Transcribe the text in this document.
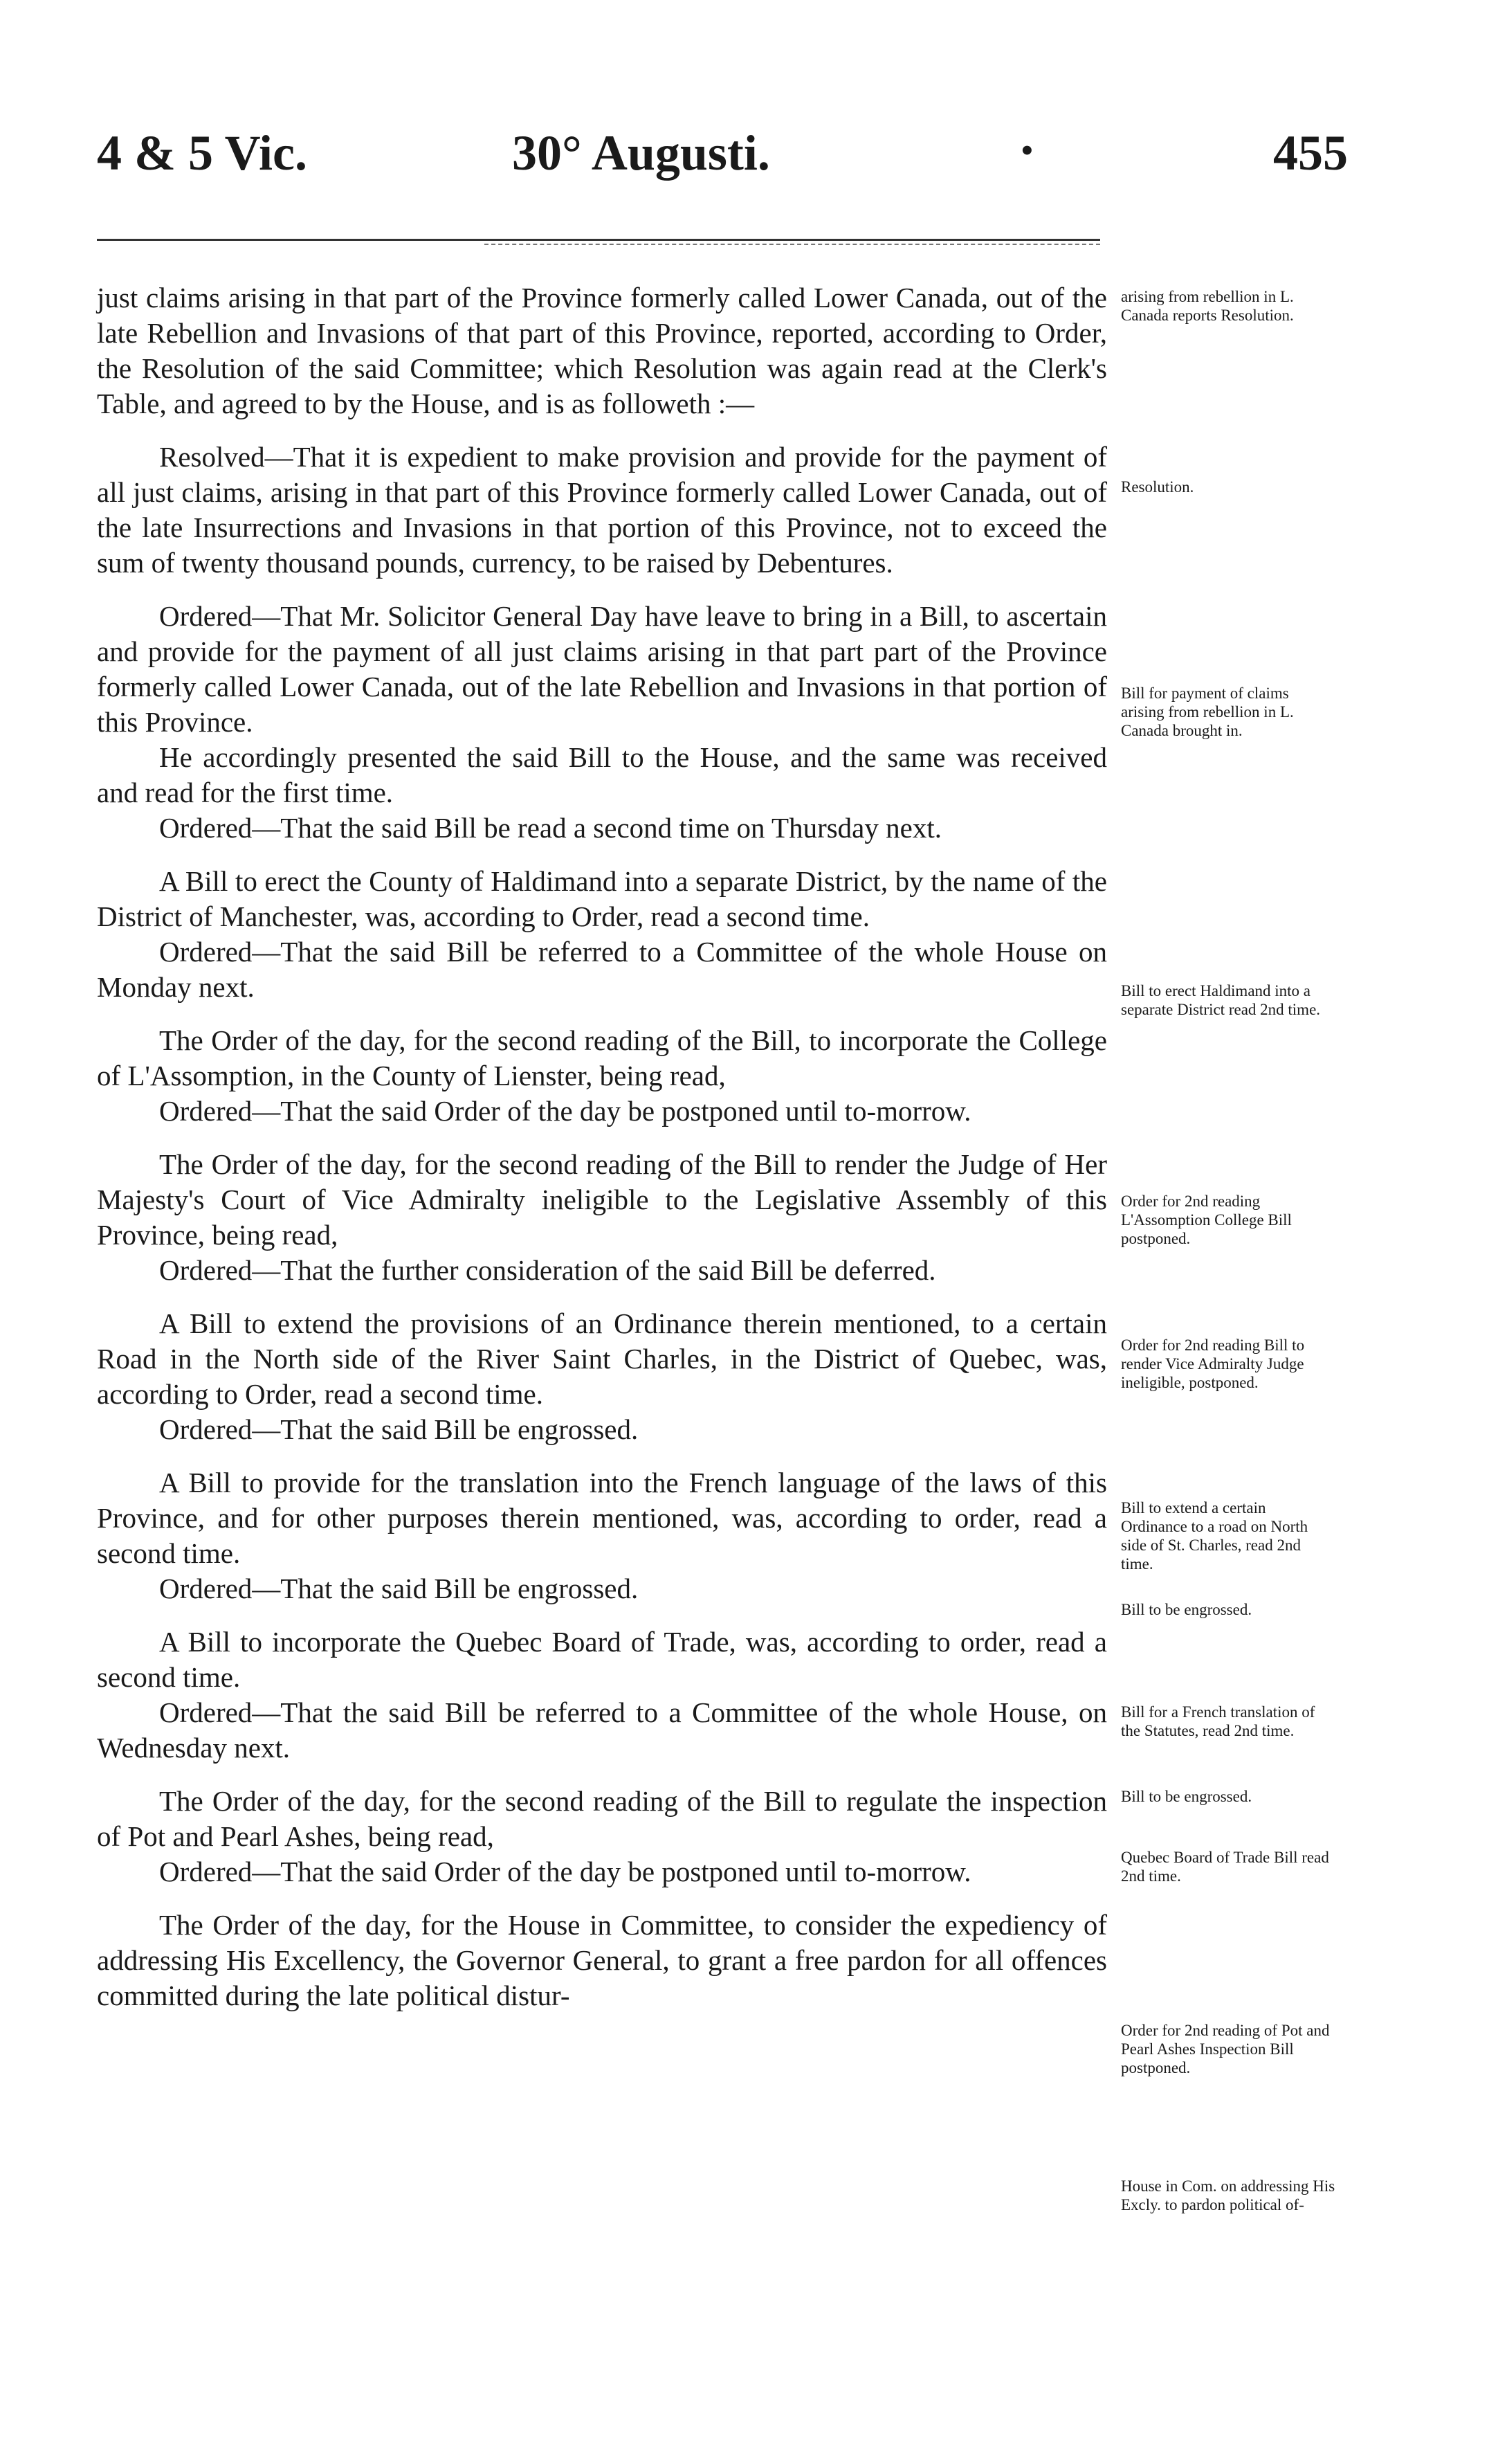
4 & 5 Vic.	30° Augusti.	•	455

just claims arising in that part of the Province formerly called Lower Canada, out of the late Rebellion and Invasions of that part of this Province, reported, according to Order, the Resolution of the said Committee; which Resolution was again read at the Clerk's Table, and agreed to by the House, and is as followeth :—

Resolved—That it is expedient to make provision and provide for the payment of all just claims, arising in that part of this Province formerly called Lower Canada, out of the late Insurrections and Invasions in that portion of this Province, not to exceed the sum of twenty thousand pounds, currency, to be raised by Debentures.

Ordered—That Mr. Solicitor General Day have leave to bring in a Bill, to ascertain and provide for the payment of all just claims arising in that part part of the Province formerly called Lower Canada, out of the late Rebellion and Invasions in that portion of this Province.

He accordingly presented the said Bill to the House, and the same was received and read for the first time.

Ordered—That the said Bill be read a second time on Thursday next.

A Bill to erect the County of Haldimand into a separate District, by the name of the District of Manchester, was, according to Order, read a second time.

Ordered—That the said Bill be referred to a Committee of the whole House on Monday next.

The Order of the day, for the second reading of the Bill, to incorporate the College of L'Assomption, in the County of Lienster, being read,

Ordered—That the said Order of the day be postponed until to-morrow.

The Order of the day, for the second reading of the Bill to render the Judge of Her Majesty's Court of Vice Admiralty ineligible to the Legislative Assembly of this Province, being read,

Ordered—That the further consideration of the said Bill be deferred.

A Bill to extend the provisions of an Ordinance therein mentioned, to a certain Road in the North side of the River Saint Charles, in the District of Quebec, was, according to Order, read a second time.

Ordered—That the said Bill be engrossed.

A Bill to provide for the translation into the French language of the laws of this Province, and for other purposes therein mentioned, was, according to order, read a second time.

Ordered—That the said Bill be engrossed.

A Bill to incorporate the Quebec Board of Trade, was, according to order, read a second time.

Ordered—That the said Bill be referred to a Committee of the whole House, on Wednesday next.

The Order of the day, for the second reading of the Bill to regulate the inspection of Pot and Pearl Ashes, being read,

Ordered—That the said Order of the day be postponed until to-morrow.

The Order of the day, for the House in Committee, to consider the expediency of addressing His Excellency, the Governor General, to grant a free pardon for all offences committed during the late political distur-

arising from rebellion in L. Canada reports Resolution.
Resolution.
Bill for payment of claims arising from rebellion in L. Canada brought in.
Bill to erect Haldimand into a separate District read 2nd time.
Order for 2nd reading L'Assomption College Bill postponed.
Order for 2nd reading Bill to render Vice Admiralty Judge ineligible, postponed.
Bill to extend a certain Ordinance to a road on North side of St. Charles, read 2nd time.
Bill to be engrossed.
Bill for a French translation of the Statutes, read 2nd time.
Bill to be engrossed.
Quebec Board of Trade Bill read 2nd time.
Order for 2nd reading of Pot and Pearl Ashes Inspection Bill postponed.
House in Com. on addressing His Excly. to pardon political of-
